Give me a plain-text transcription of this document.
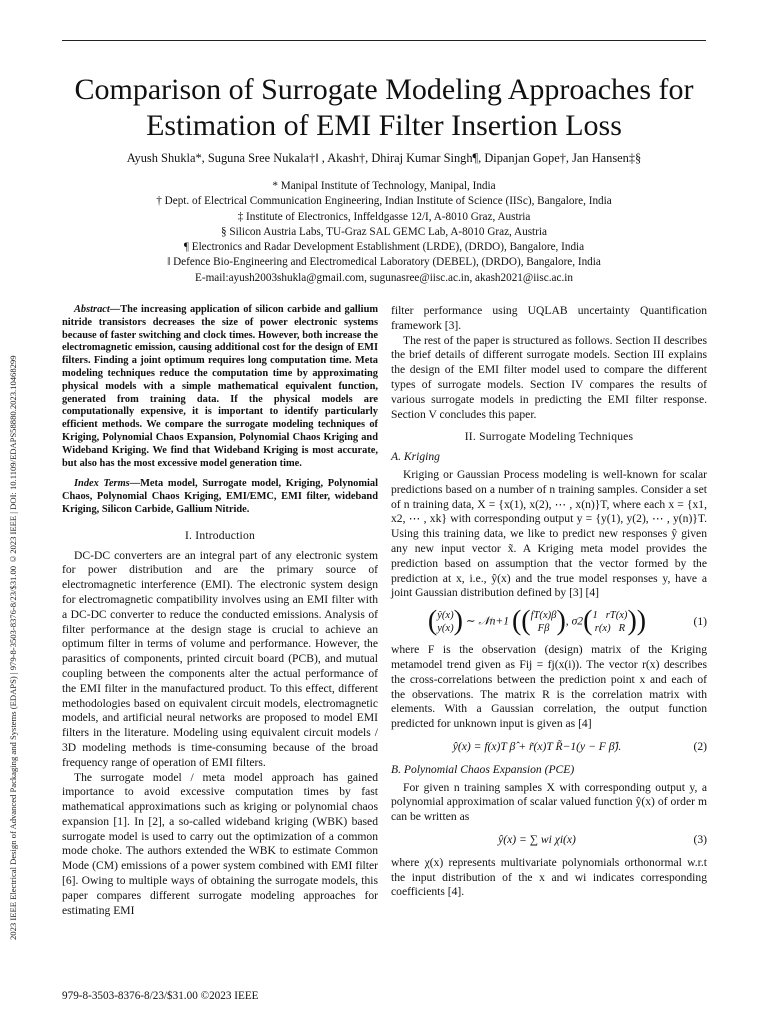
2023 IEEE Electrical Design of Advanced Packaging and Systems (EDAPS) | 979-8-3503-8376-8/23/$31.00 ©2023 IEEE | DOI: 10.1109/EDAPS58880.2023.10468299
Comparison of Surrogate Modeling Approaches for
Estimation of EMI Filter Insertion Loss
Ayush Shukla*, Suguna Sree Nukala†‖ , Akash†, Dhiraj Kumar Singh¶, Dipanjan Gope†, Jan Hansen‡§
* Manipal Institute of Technology, Manipal, India
† Dept. of Electrical Communication Engineering, Indian Institute of Science (IISc), Bangalore, India
‡ Institute of Electronics, Inffeldgasse 12/I, A-8010 Graz, Austria
§ Silicon Austria Labs, TU-Graz SAL GEMC Lab, A-8010 Graz, Austria
¶ Electronics and Radar Development Establishment (LRDE), (DRDO), Bangalore, India
‖ Defence Bio-Engineering and Electromedical Laboratory (DEBEL), (DRDO), Bangalore, India
E-mail:ayush2003shukla@gmail.com, sugunasree@iisc.ac.in, akash2021@iisc.ac.in

Abstract—The increasing application of silicon carbide and gallium nitride transistors decreases the size of power electronic systems because of faster switching and clock times. However, both increase the electromagnetic emission, causing additional cost for the design of EMI filters. Finding a joint optimum requires long computation time. Meta modeling techniques reduce the computation time by approximating physical models with a simple mathematical equivalent function, generated from training data. If the physical models are computationally expensive, it is important to identify particularly efficient methods. We compare the surrogate modeling techniques of Kriging, Polynomial Chaos Expansion, Polynomial Chaos Kriging and Wideband Kriging. We find that Wideband Kriging is most accurate, but also has the most excessive model generation time.

Index Terms—Meta model, Surrogate model, Kriging, Polynomial Chaos, Polynomial Chaos Kriging, EMI/EMC, EMI filter, wideband Kriging, Silicon Carbide, Gallium Nitride.

I. Introduction

DC-DC converters are an integral part of any electronic system for power distribution and are the primary source of electromagnetic interference (EMI). The electronic system design for electromagnetic compatibility involves using an EMI filter with a DC-DC converter to reduce the conducted emissions. Analysis of filter performance at the design stage is crucial to achieve an optimum filter in terms of volume and performance. However, the parasitics of components, printed circuit board (PCB), and mutual coupling between the components alter the actual performance of the EMI filter in the manufactured product. To this effect, different methodologies based on equivalent circuit models, electromagnetic models, and artificial neural networks are proposed to model EMI filters in the literature. Modeling using equivalent circuit models / 3D modeling methods is time-consuming because of the broad frequency range of operation of EMI filters.

The surrogate model / meta model approach has gained importance to avoid excessive computation times by fast mathematical approximations such as kriging or polynomial chaos expansion [1]. In [2], a so-called wideband kriging (WBK) based surrogate model is used to carry out the optimization of a common mode choke. The authors extended the WBK to estimate Common Mode (CM) emissions of a power system combined with EMI filter [6]. Owing to multiple ways of obtaining the surrogate models, this paper compares different surrogate modeling approaches for estimating EMI

filter performance using UQLAB uncertainty Quantification framework [3].

The rest of the paper is structured as follows. Section II describes the brief details of different surrogate models. Section III explains the design of the EMI filter model used to compare the different types of surrogate models. Section IV compares the results of various surrogate models in predicting the EMI filter response. Section V concludes this paper.

II. Surrogate Modeling Techniques
A. Kriging

Kriging or Gaussian Process modeling is well-known for scalar predictions based on a number of n training samples. Consider a set of n training data, X = {x(1), x(2), ⋯ , x(n)}T, where each x = {x1, x2, ⋯ , xk} with corresponding output y = {y(1), y(2), ⋯ , y(n)}T. Using this training data, we like to predict new responses ŷ given any new input vector x̃. A Kriging meta model provides the prediction based on assumption that the vector formed by the prediction at x, i.e., ŷ(x) and the true model responses y, have a joint Gaussian distribution defined by [3] [4]

(ŷ(x)
y(x)) ∼ 𝒩n+1 ((fT(x)β
Fβ ), σ2(1 rT(x)
r(x) R))	(1)

where F is the observation (design) matrix of the Kriging metamodel trend given as Fij = fj(x(i)). The vector r(x) describes the cross-correlations between the prediction point x and each of the observations. The matrix R is the correlation matrix with elements. With a Gaussian correlation, the output function predicted for unknown input is given as [4]

ŷ(x) = f(x)T β̂ + r̃(x)T R̃−1(y − F β̂).	(2)
B. Polynomial Chaos Expansion (PCE)

For given n training samples X with corresponding output y, a polynomial approximation of scalar valued function ŷ(x) of order m can be written as

ŷ(x) = ∑ wi χi(x)	(3)

where χ(x) represents multivariate polynomials orthonormal w.r.t the input distribution of the x and wi indicates corresponding coefficients [4].

979-8-3503-8376-8/23/$31.00 ©2023 IEEE
